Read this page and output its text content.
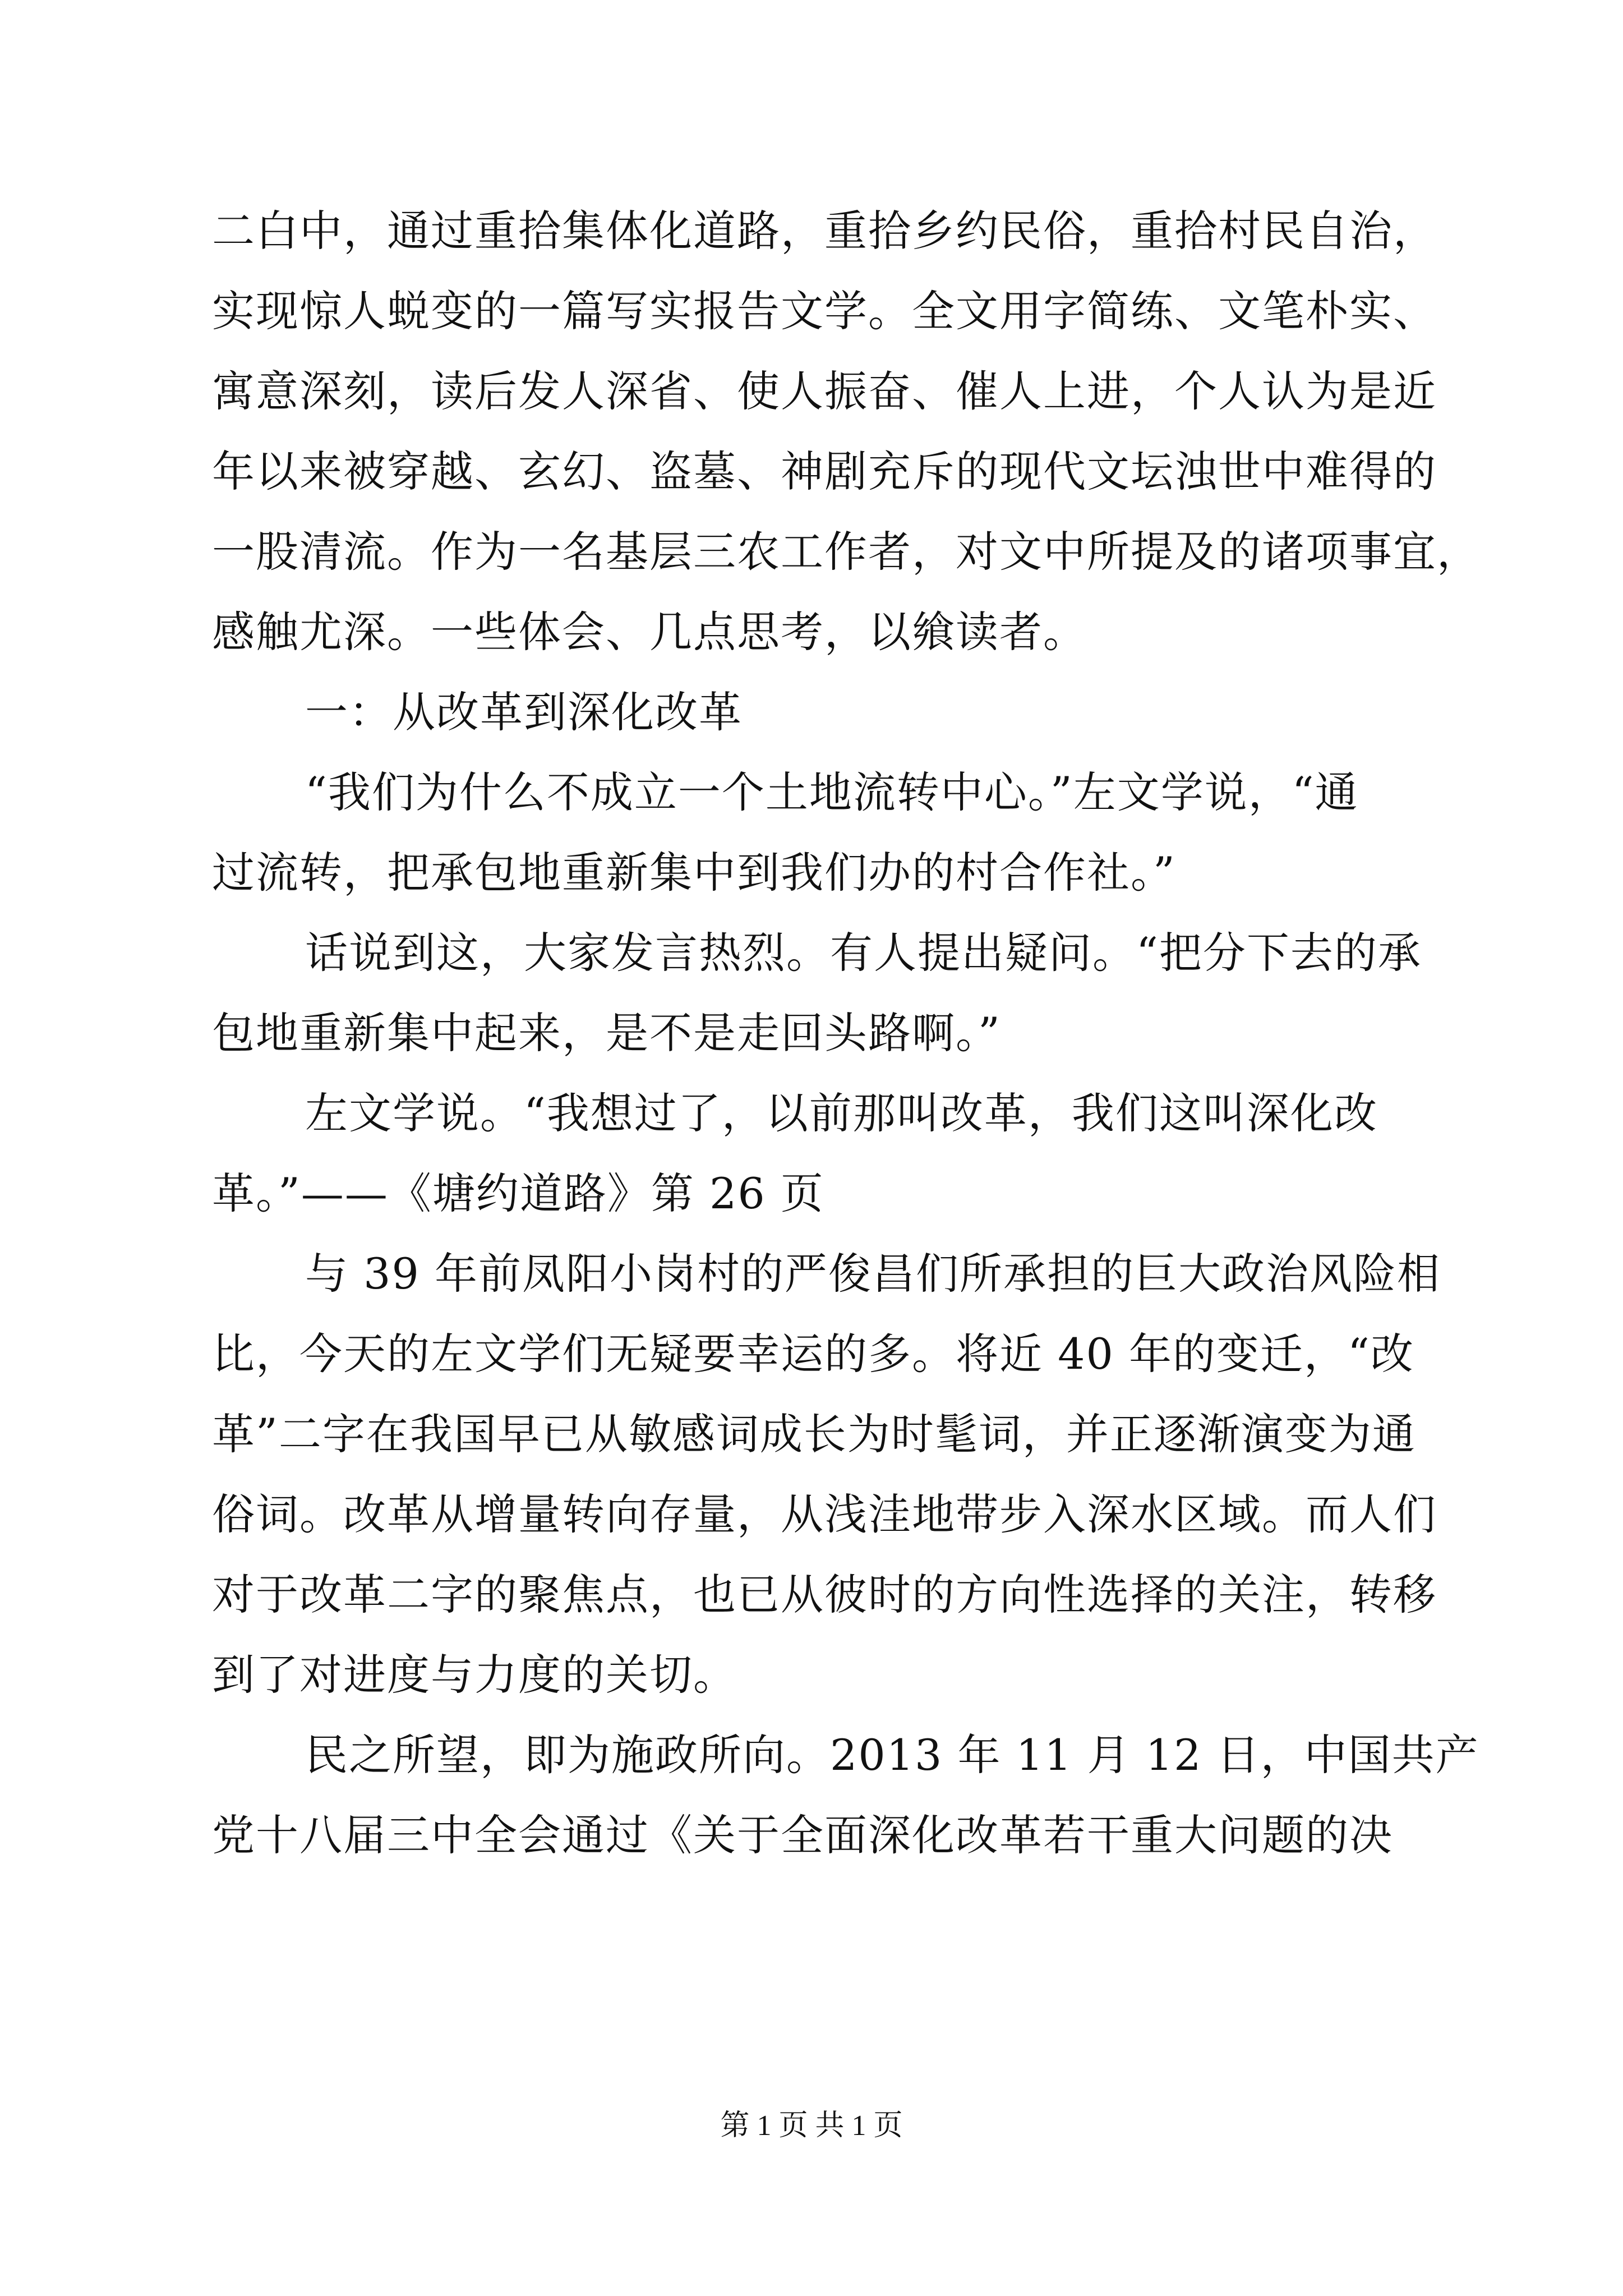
二白中，通过重拾集体化道路，重拾乡约民俗，重拾村民自治，
实现惊人蜕变的一篇写实报告文学。全文用字简练、文笔朴实、
寓意深刻，读后发人深省、使人振奋、催人上进，个人认为是近
年以来被穿越、玄幻、盗墓、神剧充斥的现代文坛浊世中难得的
一股清流。作为一名基层三农工作者，对文中所提及的诸项事宜，
感触尤深。一些体会、几点思考，以飨读者。
一：从改革到深化改革
“我们为什么不成立一个土地流转中心。”左文学说，“通
过流转，把承包地重新集中到我们办的村合作社。”
话说到这，大家发言热烈。有人提出疑问。“把分下去的承
包地重新集中起来，是不是走回头路啊。”
左文学说。“我想过了，以前那叫改革，我们这叫深化改
革。”——《塘约道路》第 26 页
与 39 年前凤阳小岗村的严俊昌们所承担的巨大政治风险相
比，今天的左文学们无疑要幸运的多。将近 40 年的变迁，“改
革”二字在我国早已从敏感词成长为时髦词，并正逐渐演变为通
俗词。改革从增量转向存量，从浅洼地带步入深水区域。而人们
对于改革二字的聚焦点，也已从彼时的方向性选择的关注，转移
到了对进度与力度的关切。
民之所望，即为施政所向。2013 年 11 月 12 日，中国共产
党十八届三中全会通过《关于全面深化改革若干重大问题的决
第 1 页 共 1 页
